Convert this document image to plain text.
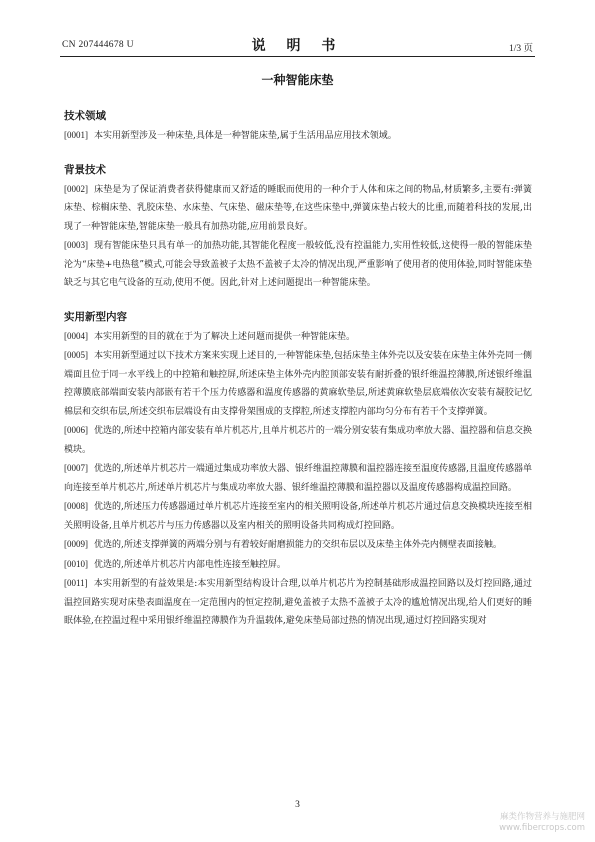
CN 207444678 U	说 明 书	1/3 页
一种智能床垫
技术领域

[0001] 本实用新型涉及一种床垫,具体是一种智能床垫,属于生活用品应用技术领域。

背景技术

[0002] 床垫是为了保证消费者获得健康而又舒适的睡眠而使用的一种介于人体和床之间的物品,材质繁多,主要有:弹簧床垫、棕榈床垫、乳胶床垫、水床垫、气床垫、磁床垫等,在这些床垫中,弹簧床垫占较大的比重,而随着科技的发展,出现了一种智能床垫,智能床垫一般具有加热功能,应用前景良好。

[0003] 现有智能床垫只具有单一的加热功能,其智能化程度一般较低,没有控温能力,实用性较低,这使得一般的智能床垫沦为“床垫+电热毯”模式,可能会导致盖被子太热不盖被子太冷的情况出现,严重影响了使用者的使用体验,同时智能床垫缺乏与其它电气设备的互动,使用不便。因此,针对上述问题提出一种智能床垫。

实用新型内容

[0004] 本实用新型的目的就在于为了解决上述问题而提供一种智能床垫。

[0005] 本实用新型通过以下技术方案来实现上述目的,一种智能床垫,包括床垫主体外壳以及安装在床垫主体外壳同一侧端面且位于同一水平线上的中控箱和触控屏,所述床垫主体外壳内腔顶部安装有耐折叠的银纤维温控薄膜,所述银纤维温控薄膜底部端面安装内部嵌有若干个压力传感器和温度传感器的黄麻软垫层,所述黄麻软垫层底端依次安装有凝胶记忆棉层和交织布层,所述交织布层端设有由支撑骨架围成的支撑腔,所述支撑腔内部均匀分布有若干个支撑弹簧。

[0006] 优选的,所述中控箱内部安装有单片机芯片,且单片机芯片的一端分别安装有集成功率放大器、温控器和信息交换模块。

[0007] 优选的,所述单片机芯片一端通过集成功率放大器、银纤维温控薄膜和温控器连接至温度传感器,且温度传感器单向连接至单片机芯片,所述单片机芯片与集成功率放大器、银纤维温控薄膜和温控器以及温度传感器构成温控回路。

[0008] 优选的,所述压力传感器通过单片机芯片连接至室内的相关照明设备,所述单片机芯片通过信息交换模块连接至相关照明设备,且单片机芯片与压力传感器以及室内相关的照明设备共同构成灯控回路。

[0009] 优选的,所述支撑弹簧的两端分别与有着较好耐磨损能力的交织布层以及床垫主体外壳内侧壁表面接触。

[0010] 优选的,所述单片机芯片内部电性连接至触控屏。

[0011] 本实用新型的有益效果是:本实用新型结构设计合理,以单片机芯片为控制基础形成温控回路以及灯控回路,通过温控回路实现对床垫表面温度在一定范围内的恒定控制,避免盖被子太热不盖被子太冷的尴尬情况出现,给人们更好的睡眠体验,在控温过程中采用银纤维温控薄膜作为升温载体,避免床垫局部过热的情况出现,通过灯控回路实现对

3
麻类作物营养与施肥网
www.fibercrops.com
